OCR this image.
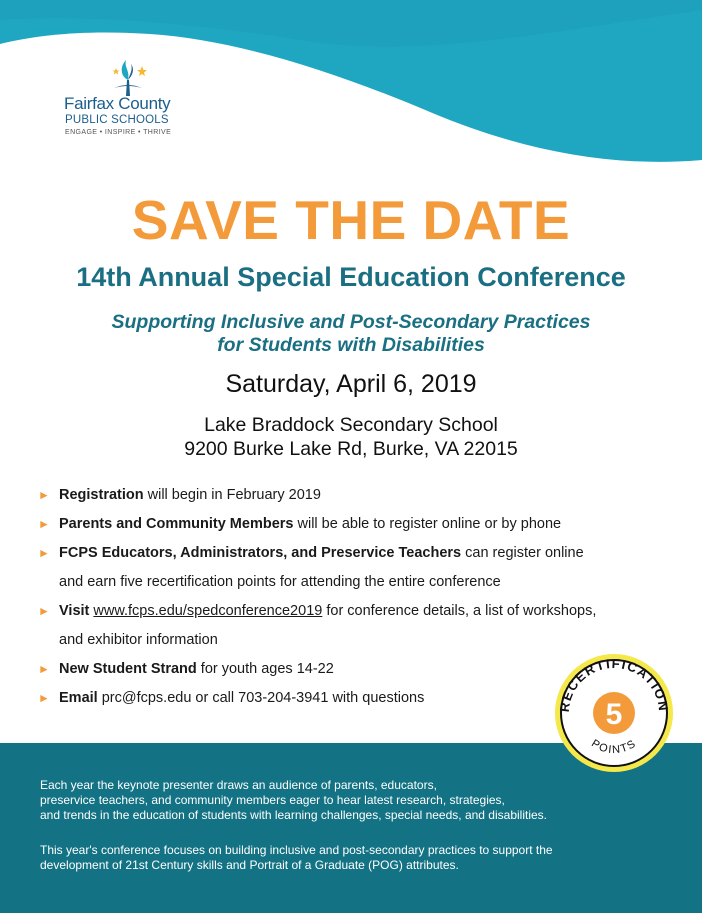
Fairfax County
PUBLIC SCHOOLS
ENGAGE • INSPIRE • THRIVE
SAVE THE DATE
14th Annual Special Education Conference
Supporting Inclusive and Post-Secondary Practices
for Students with Disabilities
Saturday, April 6, 2019
Lake Braddock Secondary School
9200 Burke Lake Rd, Burke, VA 22015
► Registration will begin in February 2019
► Parents and Community Members will be able to register online or by phone
► FCPS Educators, Administrators, and Preservice Teachers can register online
and earn five recertification points for attending the entire conference
► Visit www.fcps.edu/spedconference2019 for conference details, a list of workshops,
and exhibitor information
► New Student Strand for youth ages 14-22
► Email prc@fcps.edu or call 703-204-3941 with questions

Each year the keynote presenter draws an audience of parents, educators,
preservice teachers, and community members eager to hear latest research, strategies,
and trends in the education of students with learning challenges, special needs, and disabilities.

This year's conference focuses on building inclusive and post-secondary practices to support the
development of 21st Century skills and Portrait of a Graduate (POG) attributes.

RECERTIFICATION
5
POINTS
